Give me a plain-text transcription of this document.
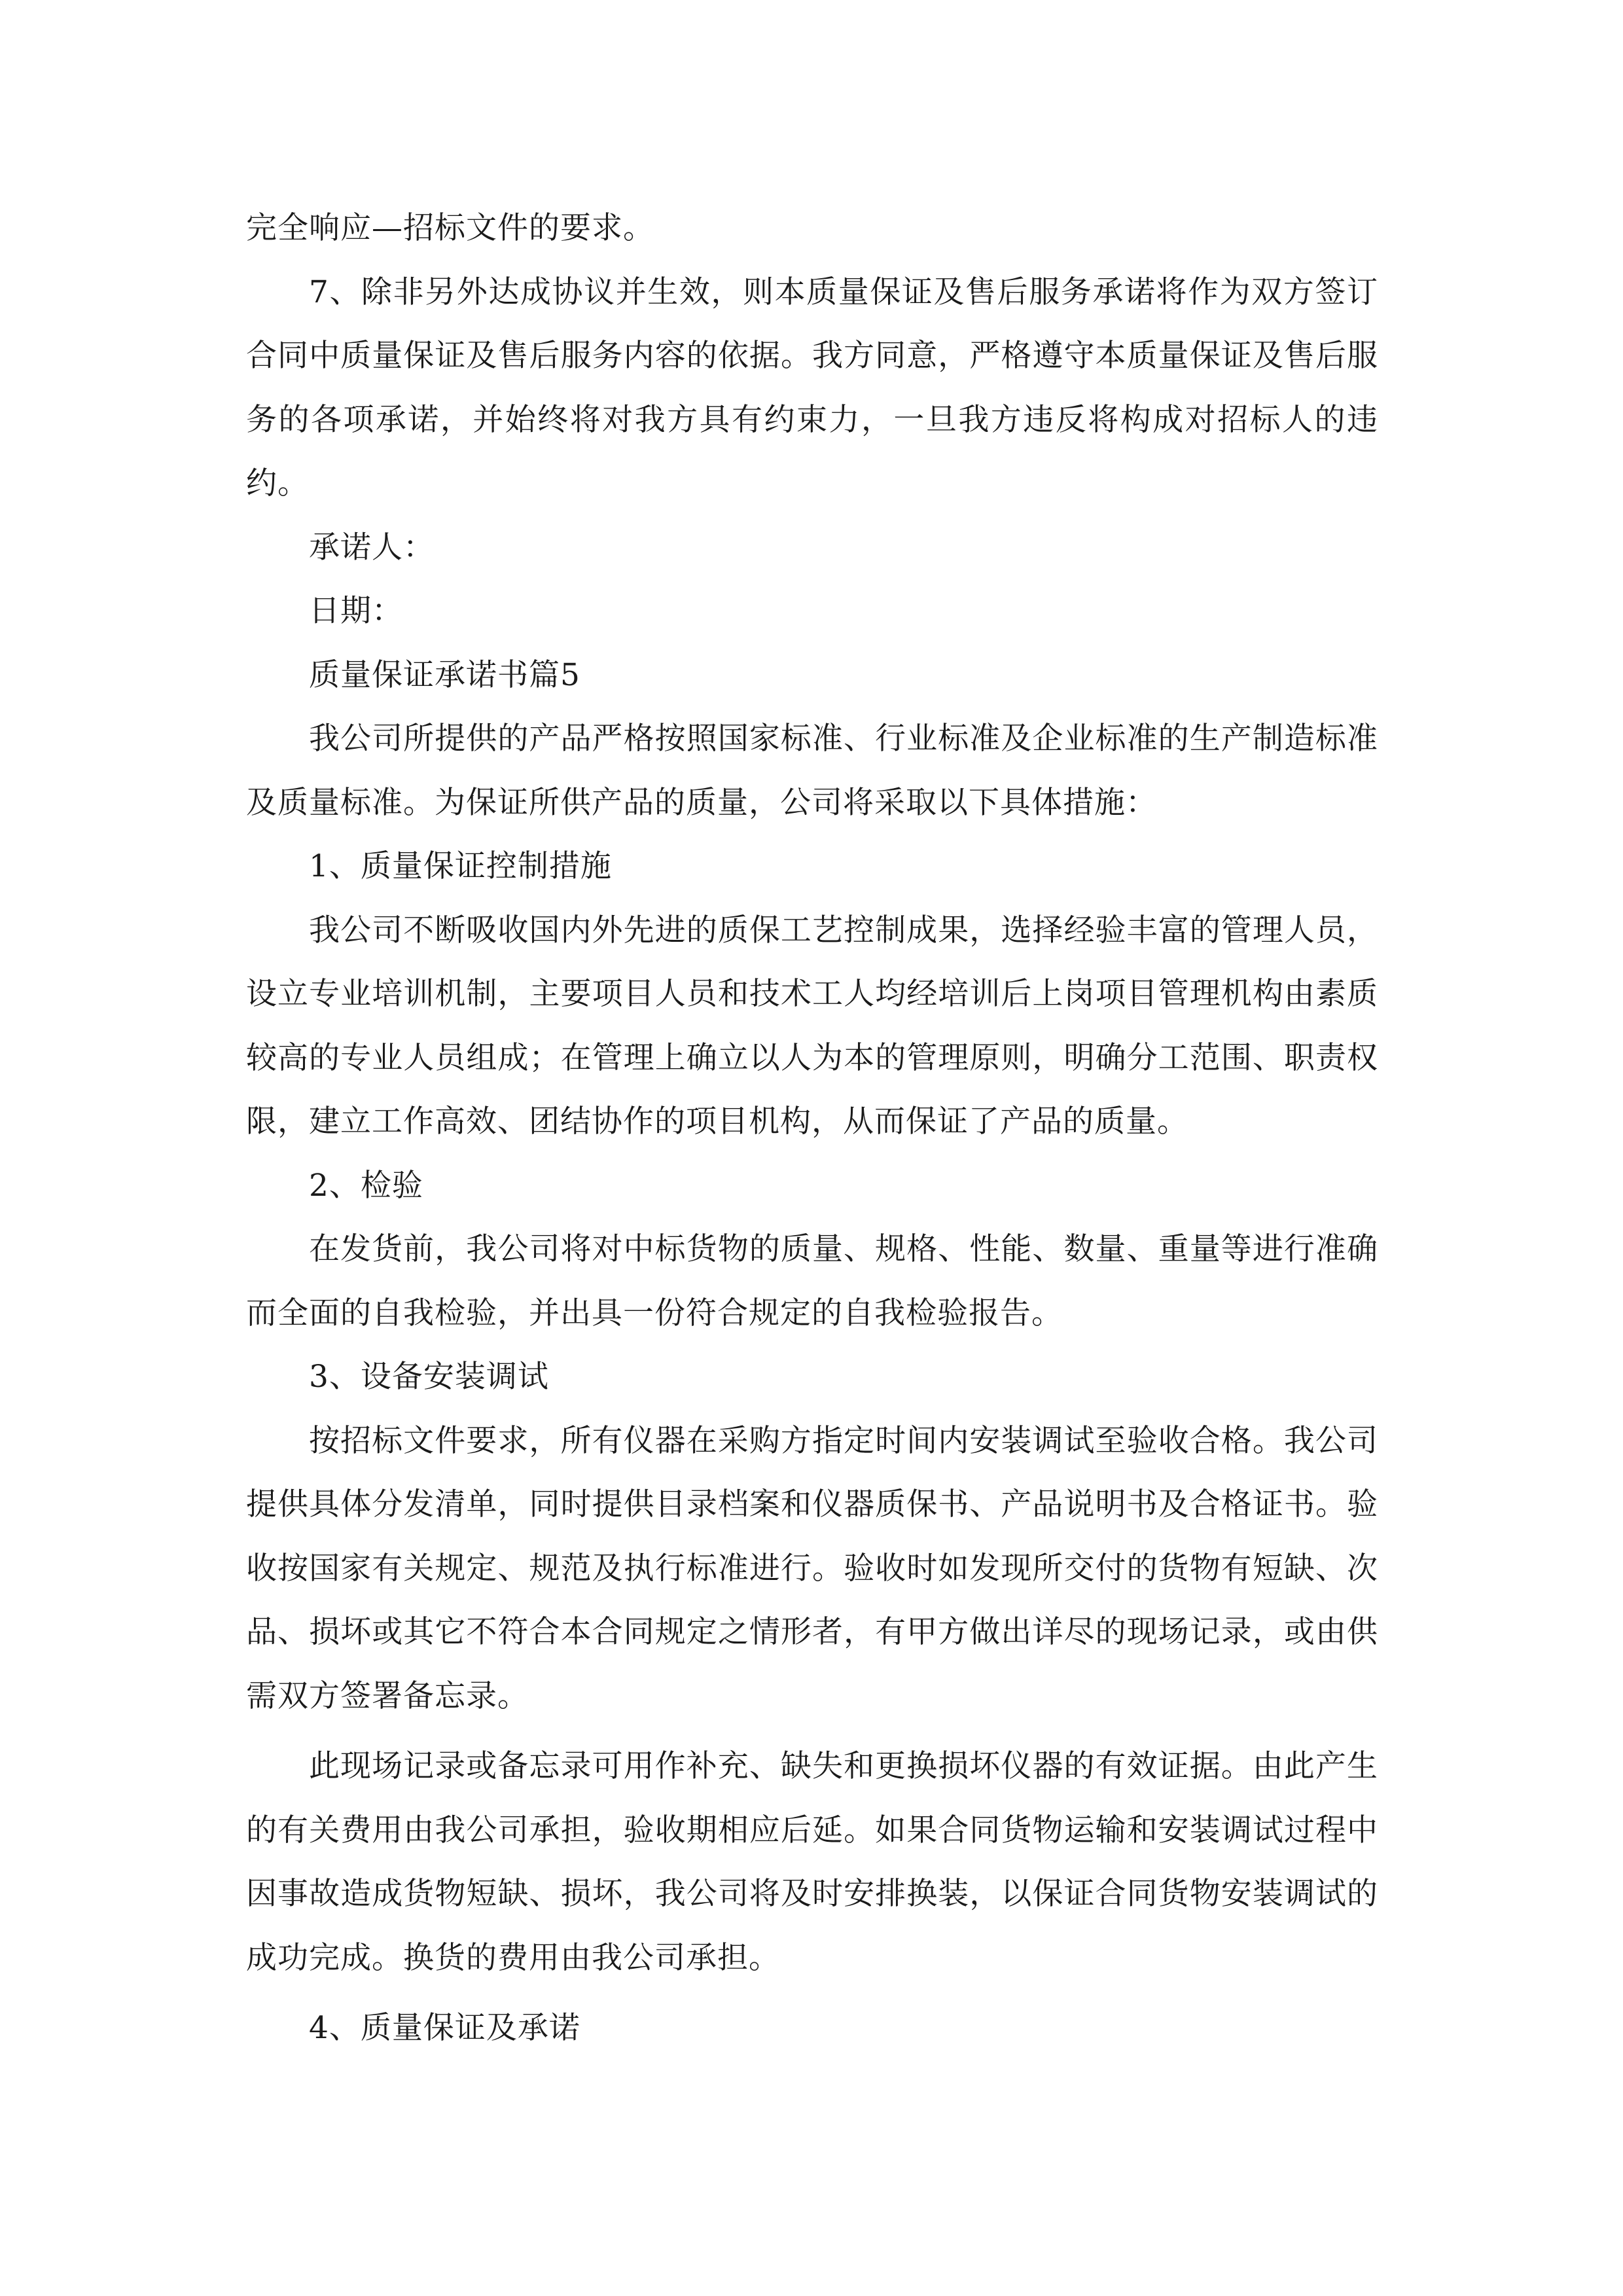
完全响应—招标文件的要求。

7、除非另外达成协议并生效，则本质量保证及售后服务承诺将作为双方签订合同中质量保证及售后服务内容的依据。我方同意，严格遵守本质量保证及售后服务的各项承诺，并始终将对我方具有约束力，一旦我方违反将构成对招标人的违约。

承诺人：

日期：

质量保证承诺书篇5

我公司所提供的产品严格按照国家标准、行业标准及企业标准的生产制造标准及质量标准。为保证所供产品的质量，公司将采取以下具体措施：

1、质量保证控制措施

我公司不断吸收国内外先进的质保工艺控制成果，选择经验丰富的管理人员，设立专业培训机制，主要项目人员和技术工人均经培训后上岗项目管理机构由素质较高的专业人员组成；在管理上确立以人为本的管理原则，明确分工范围、职责权限，建立工作高效、团结协作的项目机构，从而保证了产品的质量。

2、检验

在发货前，我公司将对中标货物的质量、规格、性能、数量、重量等进行准确而全面的自我检验，并出具一份符合规定的自我检验报告。

3、设备安装调试

按招标文件要求，所有仪器在采购方指定时间内安装调试至验收合格。我公司提供具体分发清单，同时提供目录档案和仪器质保书、产品说明书及合格证书。验收按国家有关规定、规范及执行标准进行。验收时如发现所交付的货物有短缺、次品、损坏或其它不符合本合同规定之情形者，有甲方做出详尽的现场记录，或由供需双方签署备忘录。

此现场记录或备忘录可用作补充、缺失和更换损坏仪器的有效证据。由此产生的有关费用由我公司承担，验收期相应后延。如果合同货物运输和安装调试过程中因事故造成货物短缺、损坏，我公司将及时安排换装，以保证合同货物安装调试的成功完成。换货的费用由我公司承担。

4、质量保证及承诺
